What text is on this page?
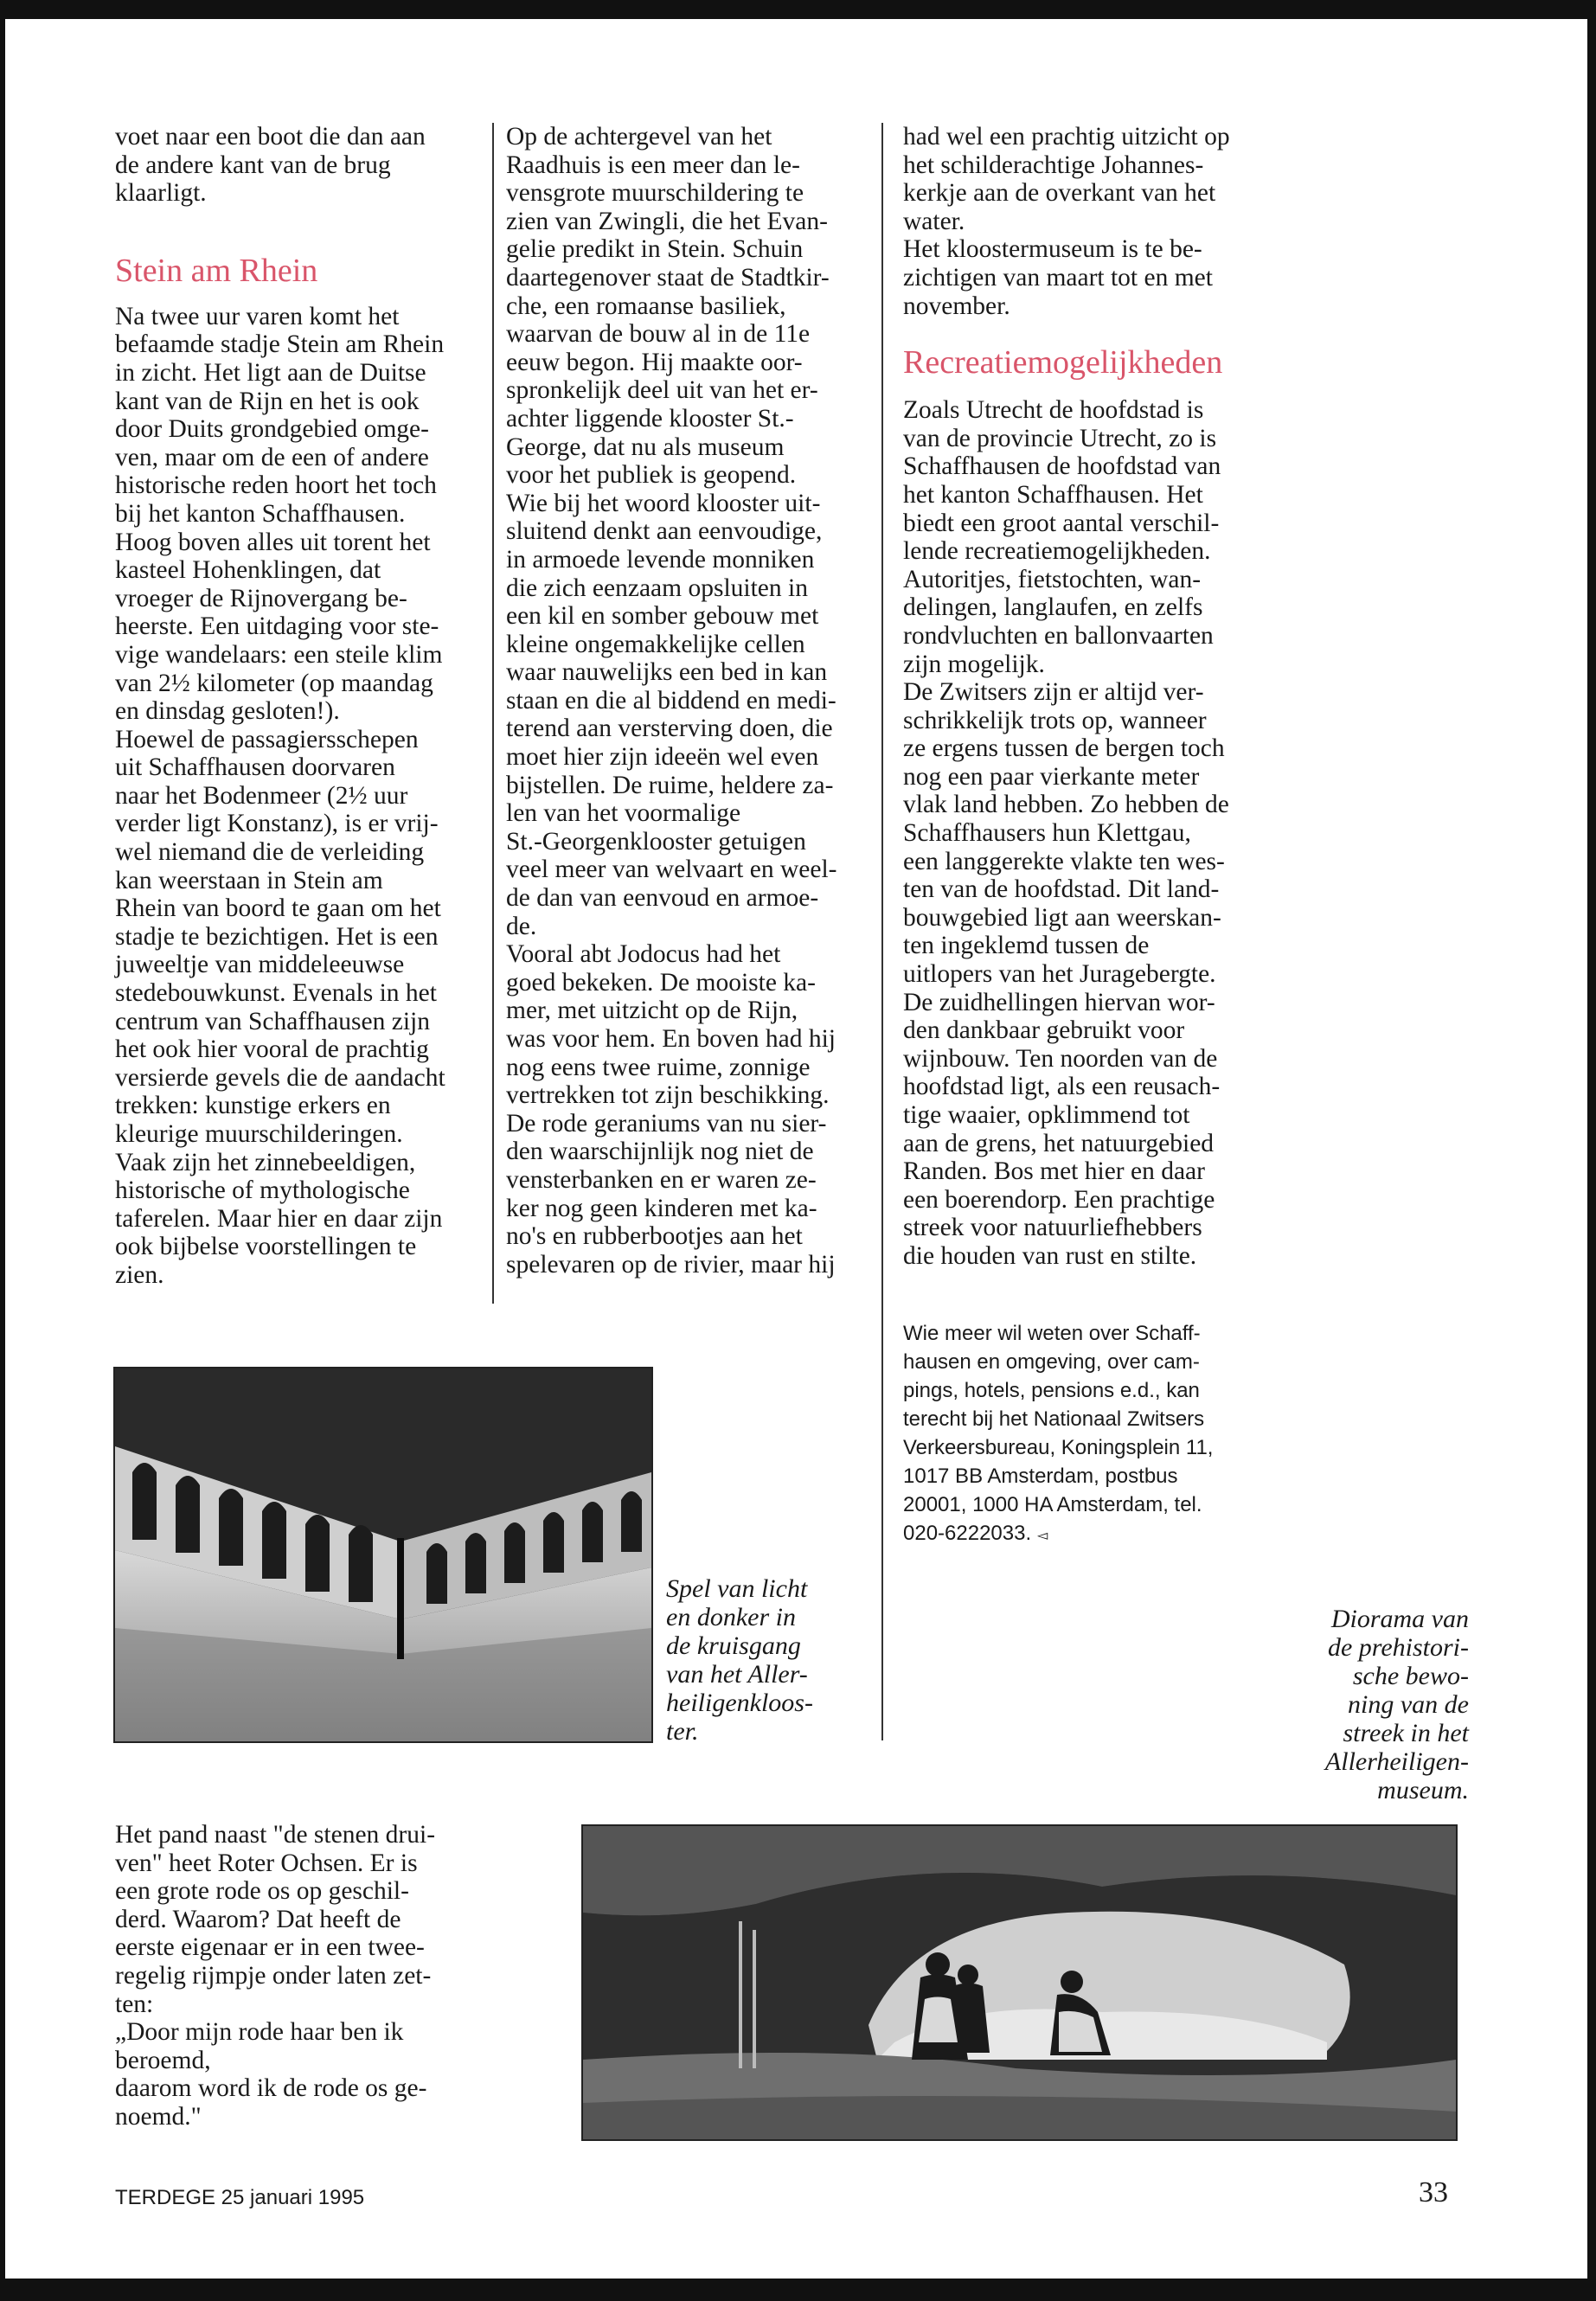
voet naar een boot die dan aan
de andere kant van de brug
klaarligt.

Stein am Rhein

Na twee uur varen komt het
befaamde stadje Stein am Rhein
in zicht. Het ligt aan de Duitse
kant van de Rijn en het is ook
door Duits grondgebied omge-
ven, maar om de een of andere
historische reden hoort het toch
bij het kanton Schaffhausen.
Hoog boven alles uit torent het
kasteel Hohenklingen, dat
vroeger de Rijnovergang be-
heerste. Een uitdaging voor ste-
vige wandelaars: een steile klim
van 2½ kilometer (op maandag
en dinsdag gesloten!).
Hoewel de passagiersschepen
uit Schaffhausen doorvaren
naar het Bodenmeer (2½ uur
verder ligt Konstanz), is er vrij-
wel niemand die de verleiding
kan weerstaan in Stein am
Rhein van boord te gaan om het
stadje te bezichtigen. Het is een
juweeltje van middeleeuwse
stedebouwkunst. Evenals in het
centrum van Schaffhausen zijn
het ook hier vooral de prachtig
versierde gevels die de aandacht
trekken: kunstige erkers en
kleurige muurschilderingen.
Vaak zijn het zinnebeeldigen,
historische of mythologische
taferelen. Maar hier en daar zijn
ook bijbelse voorstellingen te
zien.

Op de achtergevel van het
Raadhuis is een meer dan le-
vensgrote muurschildering te
zien van Zwingli, die het Evan-
gelie predikt in Stein. Schuin
daartegenover staat de Stadtkir-
che, een romaanse basiliek,
waarvan de bouw al in de 11e
eeuw begon. Hij maakte oor-
spronkelijk deel uit van het er-
achter liggende klooster St.-
George, dat nu als museum
voor het publiek is geopend.
Wie bij het woord klooster uit-
sluitend denkt aan eenvoudige,
in armoede levende monniken
die zich eenzaam opsluiten in
een kil en somber gebouw met
kleine ongemakkelijke cellen
waar nauwelijks een bed in kan
staan en die al biddend en medi-
terend aan versterving doen, die
moet hier zijn ideeën wel even
bijstellen. De ruime, heldere za-
len van het voormalige
St.-Georgenklooster getuigen
veel meer van welvaart en weel-
de dan van eenvoud en armoe-
de.
Vooral abt Jodocus had het
goed bekeken. De mooiste ka-
mer, met uitzicht op de Rijn,
was voor hem. En boven had hij
nog eens twee ruime, zonnige
vertrekken tot zijn beschikking.
De rode geraniums van nu sier-
den waarschijnlijk nog niet de
vensterbanken en er waren ze-
ker nog geen kinderen met ka-
no's en rubberbootjes aan het
spelevaren op de rivier, maar hij

had wel een prachtig uitzicht op
het schilderachtige Johannes-
kerkje aan de overkant van het
water.
Het kloostermuseum is te be-
zichtigen van maart tot en met
november.

Recreatiemogelijkheden

Zoals Utrecht de hoofdstad is
van de provincie Utrecht, zo is
Schaffhausen de hoofdstad van
het kanton Schaffhausen. Het
biedt een groot aantal verschil-
lende recreatiemogelijkheden.
Autoritjes, fietstochten, wan-
delingen, langlaufen, en zelfs
rondvluchten en ballonvaarten
zijn mogelijk.
De Zwitsers zijn er altijd ver-
schrikkelijk trots op, wanneer
ze ergens tussen de bergen toch
nog een paar vierkante meter
vlak land hebben. Zo hebben de
Schaffhausers hun Klettgau,
een langgerekte vlakte ten wes-
ten van de hoofdstad. Dit land-
bouwgebied ligt aan weerskan-
ten ingeklemd tussen de
uitlopers van het Juragebergte.
De zuidhellingen hiervan wor-
den dankbaar gebruikt voor
wijnbouw. Ten noorden van de
hoofdstad ligt, als een reusach-
tige waaier, opklimmend tot
aan de grens, het natuurgebied
Randen. Bos met hier en daar
een boerendorp. Een prachtige
streek voor natuurliefhebbers
die houden van rust en stilte.

Wie meer wil weten over Schaff-
hausen en omgeving, over cam-
pings, hotels, pensions e.d., kan
terecht bij het Nationaal Zwitsers
Verkeersbureau, Koningsplein 11,
1017 BB Amsterdam, postbus
20001, 1000 HA Amsterdam, tel.
020-6222033. ◅
Spel van licht
en donker in
de kruisgang
van het Aller-
heiligenkloos-
ter.
Diorama van
de prehistori-
sche bewo-
ning van de
streek in het
Allerheiligen-
museum.
Het pand naast "de stenen drui-
ven" heet Roter Ochsen. Er is
een grote rode os op geschil-
derd. Waarom? Dat heeft de
eerste eigenaar er in een twee-
regelig rijmpje onder laten zet-
ten:
„Door mijn rode haar ben ik
beroemd,
daarom word ik de rode os ge-
noemd."
TERDEGE 25 januari 1995	33
